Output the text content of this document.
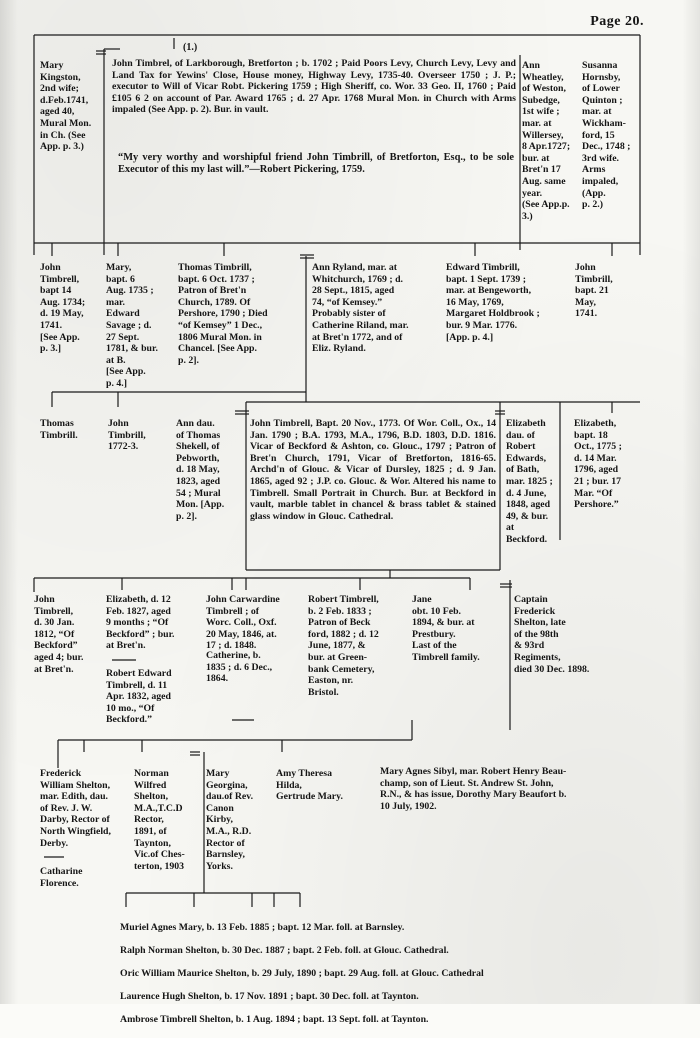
Page 20.
(1.)
Mary
Kingston,
2nd wife;
d.Feb.1741,
aged 40,
Mural Mon.
in Ch. (See
App. p. 3.)
John Timbrel, of Larkborough, Bretforton ; b. 1702 ; Paid Poors Levy, Church Levy, Levy and Land Tax for Yewins' Close, House money, Highway Levy, 1735-40. Overseer 1750 ; J. P.; executor to Will of Vicar Robt. Pickering 1759 ; High Sheriff, co. Wor. 33 Geo. II, 1760 ; Paid £105 6 2 on account of Par. Award 1765 ; d. 27 Apr. 1768 Mural Mon. in Church with Arms impaled (See App. p. 2). Bur. in vault.
“My very worthy and worshipful friend John Timbrill, of Bretforton, Esq., to be sole Executor of this my last will.”—Robert Pickering, 1759.
Ann
Wheatley,
of Weston,
Subedge,
1st wife ;
mar. at
Willersey,
8 Apr.1727;
bur. at
Bret'n 17
Aug. same
year.
(See App.p.
3.)
Susanna
Hornsby,
of Lower
Quinton ;
mar. at
Wickham-
ford, 15
Dec., 1748 ;
3rd wife.
Arms
impaled,
(App.
p. 2.)
John
Timbrell,
bapt 14
Aug. 1734;
d. 19 May,
1741.
[See App.
p. 3.]
Mary,
bapt. 6
Aug. 1735 ;
mar.
Edward
Savage ; d.
27 Sept.
1781, & bur.
at B.
[See App.
p. 4.]
Thomas Timbrill,
bapt. 6 Oct. 1737 ;
Patron of Bret'n
Church, 1789. Of
Pershore, 1790 ; Died
“of Kemsey” 1 Dec.,
1806 Mural Mon. in
Chancel. [See App.
p. 2].
Ann Ryland, mar. at
Whitchurch, 1769 ; d.
28 Sept., 1815, aged
74, “of Kemsey.”
Probably sister of
Catherine Riland, mar.
at Bret'n 1772, and of
Eliz. Ryland.
Edward Timbrill,
bapt. 1 Sept. 1739 ;
mar. at Bengeworth,
16 May, 1769,
Margaret Holdbrook ;
bur. 9 Mar. 1776.
[App. p. 4.]
John
Timbrill,
bapt. 21
May,
1741.
Thomas
Timbrill.
John
Timbrill,
1772-3.
Ann dau.
of Thomas
Shekell, of
Pebworth,
d. 18 May,
1823, aged
54 ; Mural
Mon. [App.
p. 2].
John Timbrell, Bapt. 20 Nov., 1773. Of Wor. Coll., Ox., 14 Jan. 1790 ; B.A. 1793, M.A., 1796, B.D. 1803, D.D. 1816. Vicar of Beckford & Ashton, co. Glouc., 1797 ; Patron of Bret'n Church, 1791, Vicar of Bretforton, 1816-65. Archd'n of Glouc. & Vicar of Dursley, 1825 ; d. 9 Jan. 1865, aged 92 ; J.P. co. Glouc. & Wor. Altered his name to Timbrell. Small Portrait in Church. Bur. at Beckford in vault, marble tablet in chancel & brass tablet & stained glass window in Glouc. Cathedral.
Elizabeth
dau. of
Robert
Edwards,
of Bath,
mar. 1825 ;
d. 4 June,
1848, aged
49, & bur.
at
Beckford.
Elizabeth,
bapt. 18
Oct., 1775 ;
d. 14 Mar.
1796, aged
21 ; bur. 17
Mar. “Of
Pershore.”
John
Timbrell,
d. 30 Jan.
1812, “Of
Beckford”
aged 4; bur.
at Bret'n.
Elizabeth, d. 12
Feb. 1827, aged
9 months ; “Of
Beckford” ; bur.
at Bret'n.
Robert Edward
Timbrell, d. 11
Apr. 1832, aged
10 mo., “Of
Beckford.”
John Carwardine
Timbrell ; of
Worc. Coll., Oxf.
20 May, 1846, at.
17 ; d. 1848.
Catherine, b.
1835 ; d. 6 Dec.,
1864.
Robert Timbrell,
b. 2 Feb. 1833 ;
Patron of Beck
ford, 1882 ; d. 12
June, 1877, &
bur. at Green-
bank Cemetery,
Easton, nr.
Bristol.
Jane
obt. 10 Feb.
1894, & bur. at
Prestbury.
Last of the
Timbrell family.
Captain
Frederick
Shelton, late
of the 98th
& 93rd
Regiments,
died 30 Dec. 1898.
Frederick
William Shelton,
mar. Edith, dau.
of Rev. J. W.
Darby, Rector of
North Wingfield,
Derby.
Catharine
Florence.
Norman
Wilfred
Shelton,
M.A.,T.C.D
Rector,
1891, of
Taynton,
Vic.of Ches-
terton, 1903
Mary
Georgina,
dau.of Rev.
Canon
Kirby,
M.A., R.D.
Rector of
Barnsley,
Yorks.
Amy Theresa
Hilda,
Gertrude Mary.
Mary Agnes Sibyl, mar. Robert Henry Beau-
champ, son of Lieut. St. Andrew St. John,
R.N., & has issue, Dorothy Mary Beaufort b.
10 July, 1902.

Muriel Agnes Mary, b. 13 Feb. 1885 ; bapt. 12 Mar. foll. at Barnsley.

Ralph Norman Shelton, b. 30 Dec. 1887 ; bapt. 2 Feb. foll. at Glouc. Cathedral.

Oric William Maurice Shelton, b. 29 July, 1890 ; bapt. 29 Aug. foll. at Glouc. Cathedral

Laurence Hugh Shelton, b. 17 Nov. 1891 ; bapt. 30 Dec. foll. at Taynton.

Ambrose Timbrell Shelton, b. 1 Aug. 1894 ; bapt. 13 Sept. foll. at Taynton.
